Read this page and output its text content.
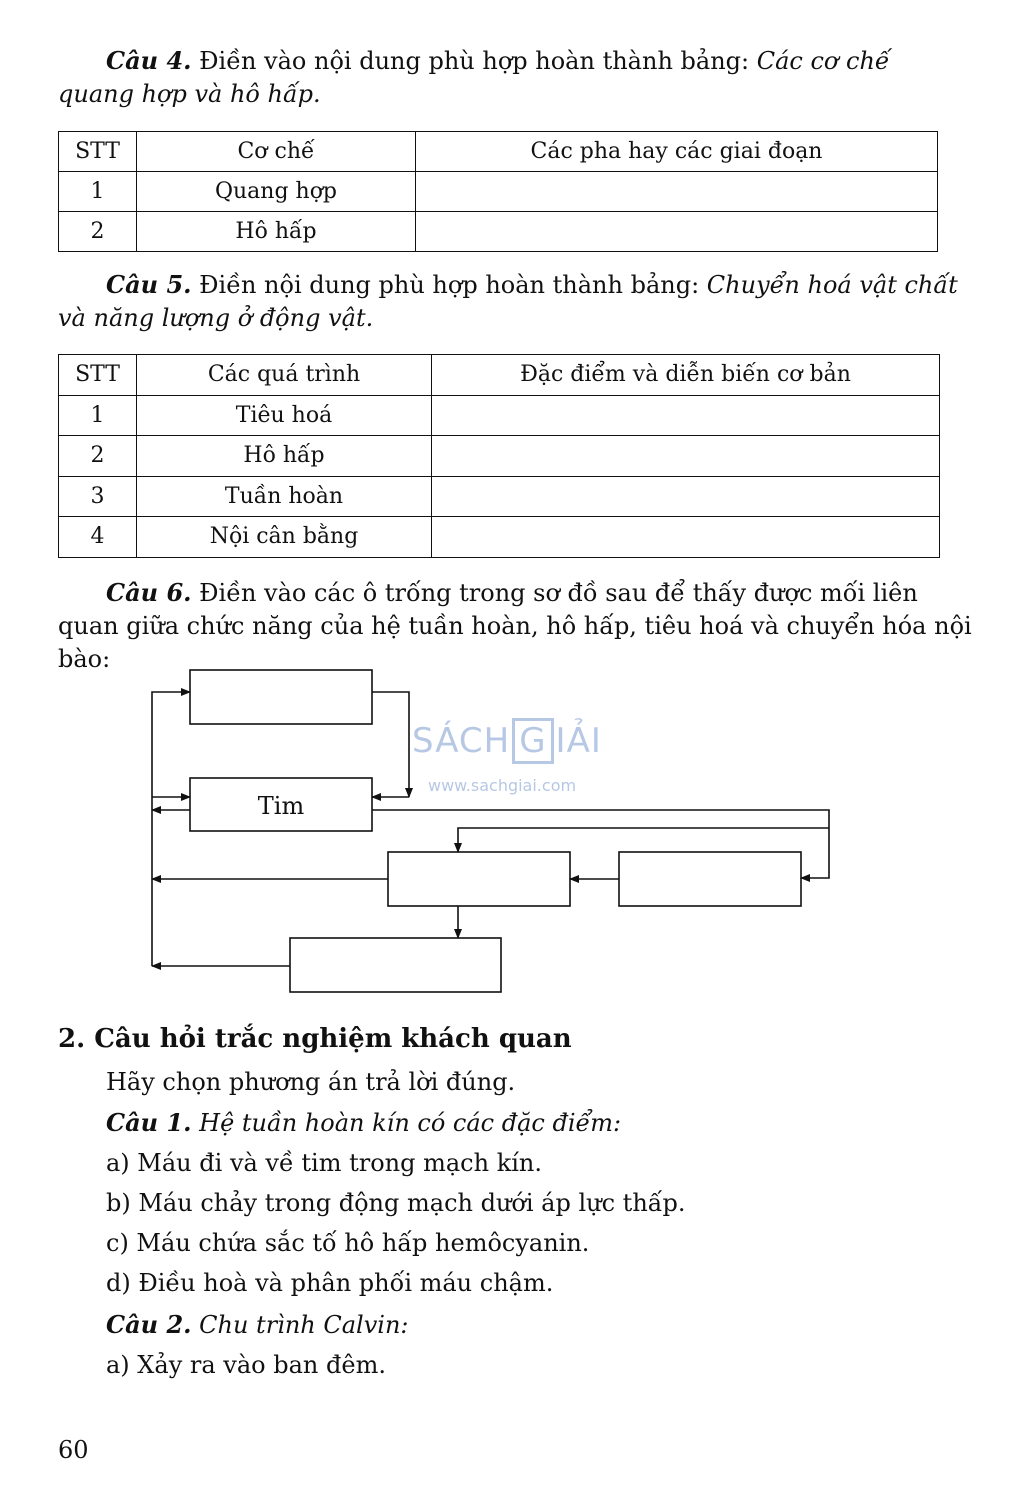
Câu 4. Điền vào nội dung phù hợp hoàn thành bảng: Các cơ chế quang hợp và hô hấp.

STT	Cơ chế	Các pha hay các giai đoạn
1	Quang hợp	
2	Hô hấp	

Câu 5. Điền nội dung phù hợp hoàn thành bảng: Chuyển hoá vật chất và năng lượng ở động vật.

STT	Các quá trình	Đặc điểm và diễn biến cơ bản
1	Tiêu hoá	
2	Hô hấp	
3	Tuần hoàn	
4	Nội cân bằng	

Câu 6. Điền vào các ô trống trong sơ đồ sau để thấy được mối liên quan giữa chức năng của hệ tuần hoàn, hô hấp, tiêu hoá và chuyển hóa nội bào:

SÁCH G IẢI
www.sachgiai.com
Tim
2. Câu hỏi trắc nghiệm khách quan

Hãy chọn phương án trả lời đúng.

Câu 1. Hệ tuần hoàn kín có các đặc điểm:

a) Máu đi và về tim trong mạch kín.

b) Máu chảy trong động mạch dưới áp lực thấp.

c) Máu chứa sắc tố hô hấp hemôcyanin.

d) Điều hoà và phân phối máu chậm.

Câu 2. Chu trình Calvin:

a) Xảy ra vào ban đêm.

60
